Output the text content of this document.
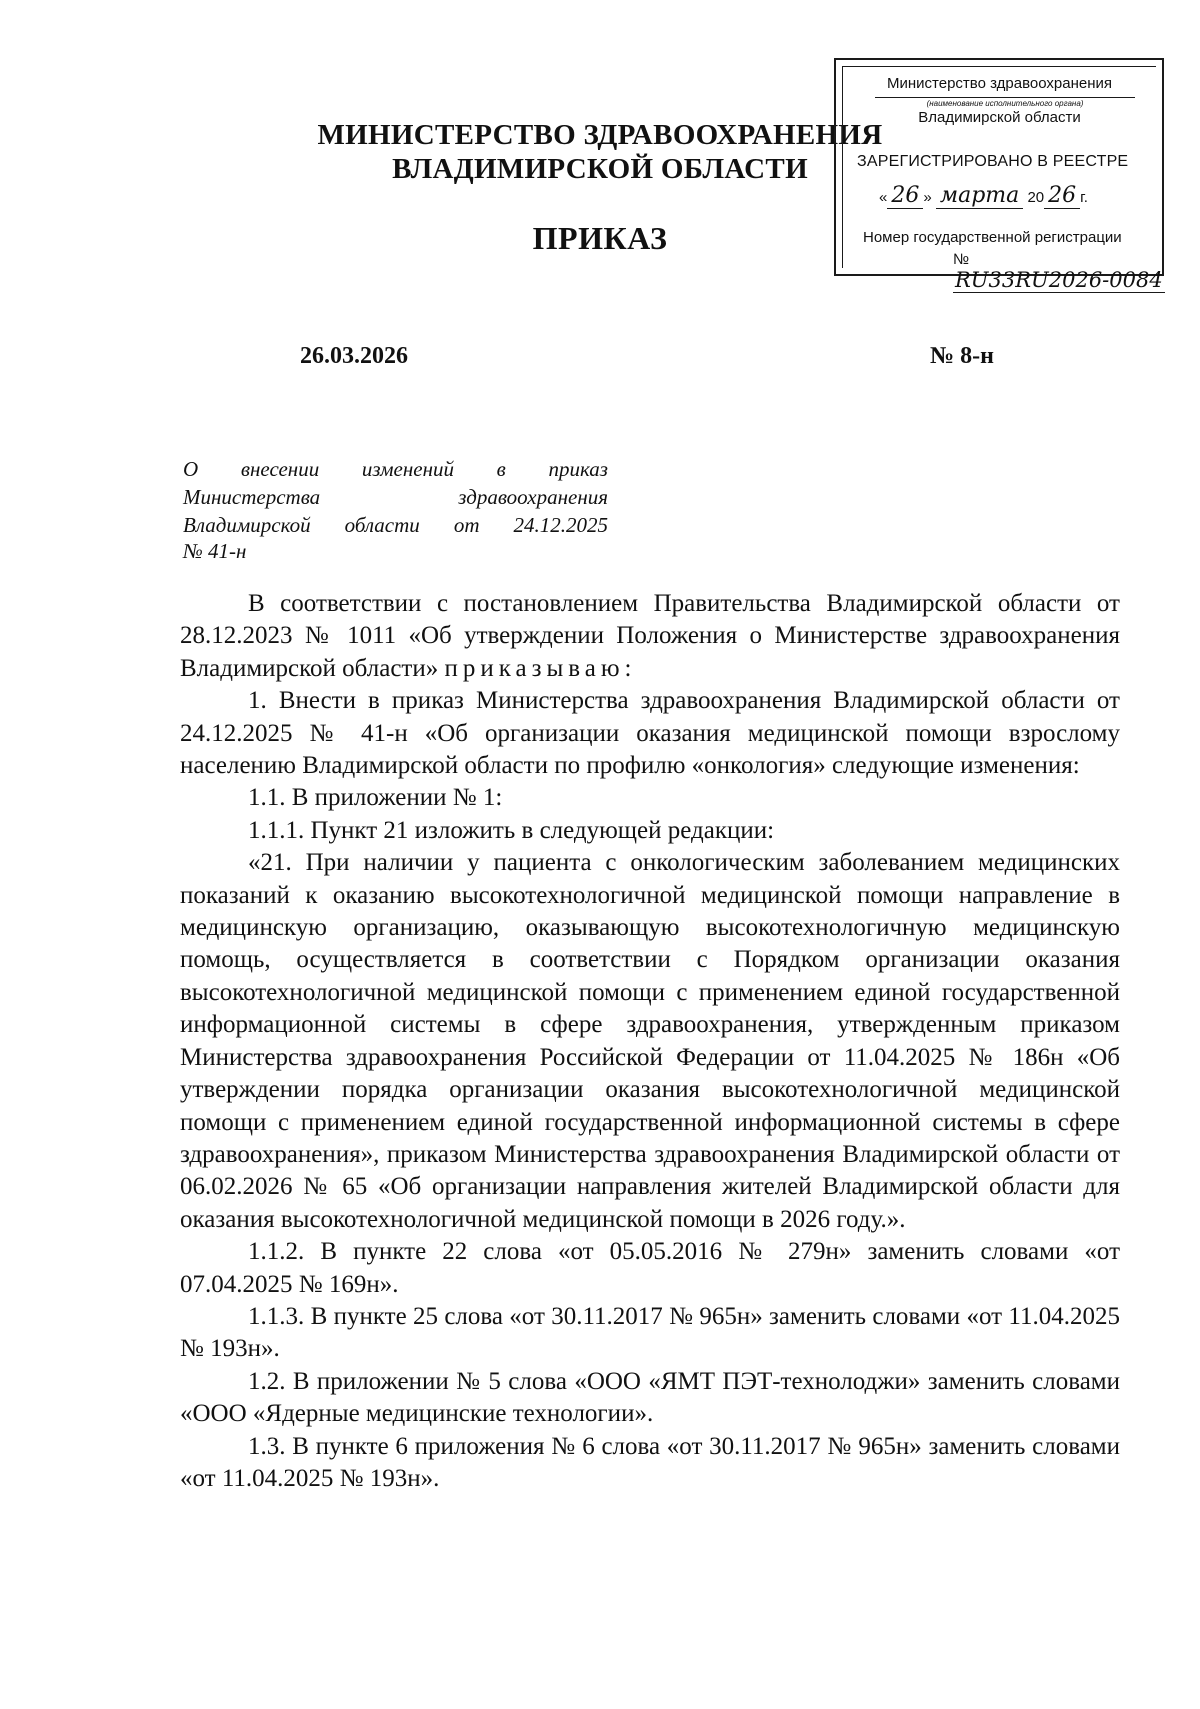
МИНИСТЕРСТВО ЗДРАВООХРАНЕНИЯ
ВЛАДИМИРСКОЙ ОБЛАСТИ
ПРИКАЗ
Министерство здравоохранения
(наименование исполнительного органа)
Владимирской области
ЗАРЕГИСТРИРОВАНО В РЕЕСТРЕ
« 26 » марта 20 26 г.
Номер государственной регистрации
№ RU33RU2026-0084
26.03.2026	№ 8-н
О внесении изменений в приказ
Министерства здравоохранения
Владимирской области от 24.12.2025
№ 41-н

В соответствии с постановлением Правительства Владимирской области от 28.12.2023 № 1011 «Об утверждении Положения о Министерстве здравоохранения Владимирской области» приказываю:

1. Внести в приказ Министерства здравоохранения Владимирской области от 24.12.2025 № 41-н «Об организации оказания медицинской помощи взрослому населению Владимирской области по профилю «онкология» следующие изменения:

1.1. В приложении № 1:

1.1.1. Пункт 21 изложить в следующей редакции:

«21. При наличии у пациента с онкологическим заболеванием медицинских показаний к оказанию высокотехнологичной медицинской помощи направление в медицинскую организацию, оказывающую высокотехнологичную медицинскую помощь, осуществляется в соответствии с Порядком организации оказания высокотехнологичной медицинской помощи с применением единой государственной информационной системы в сфере здравоохранения, утвержденным приказом Министерства здравоохранения Российской Федерации от 11.04.2025 № 186н «Об утверждении порядка организации оказания высокотехнологичной медицинской помощи с применением единой государственной информационной системы в сфере здравоохранения», приказом Министерства здравоохранения Владимирской области от 06.02.2026 № 65 «Об организации направления жителей Владимирской области для оказания высокотехнологичной медицинской помощи в 2026 году.».

1.1.2. В пункте 22 слова «от 05.05.2016 № 279н» заменить словами «от 07.04.2025 № 169н».

1.1.3. В пункте 25 слова «от 30.11.2017 № 965н» заменить словами «от 11.04.2025 № 193н».

1.2. В приложении № 5 слова «ООО «ЯМТ ПЭТ-технолоджи» заменить словами «ООО «Ядерные медицинские технологии».

1.3. В пункте 6 приложения № 6 слова «от 30.11.2017 № 965н» заменить словами «от 11.04.2025 № 193н».
